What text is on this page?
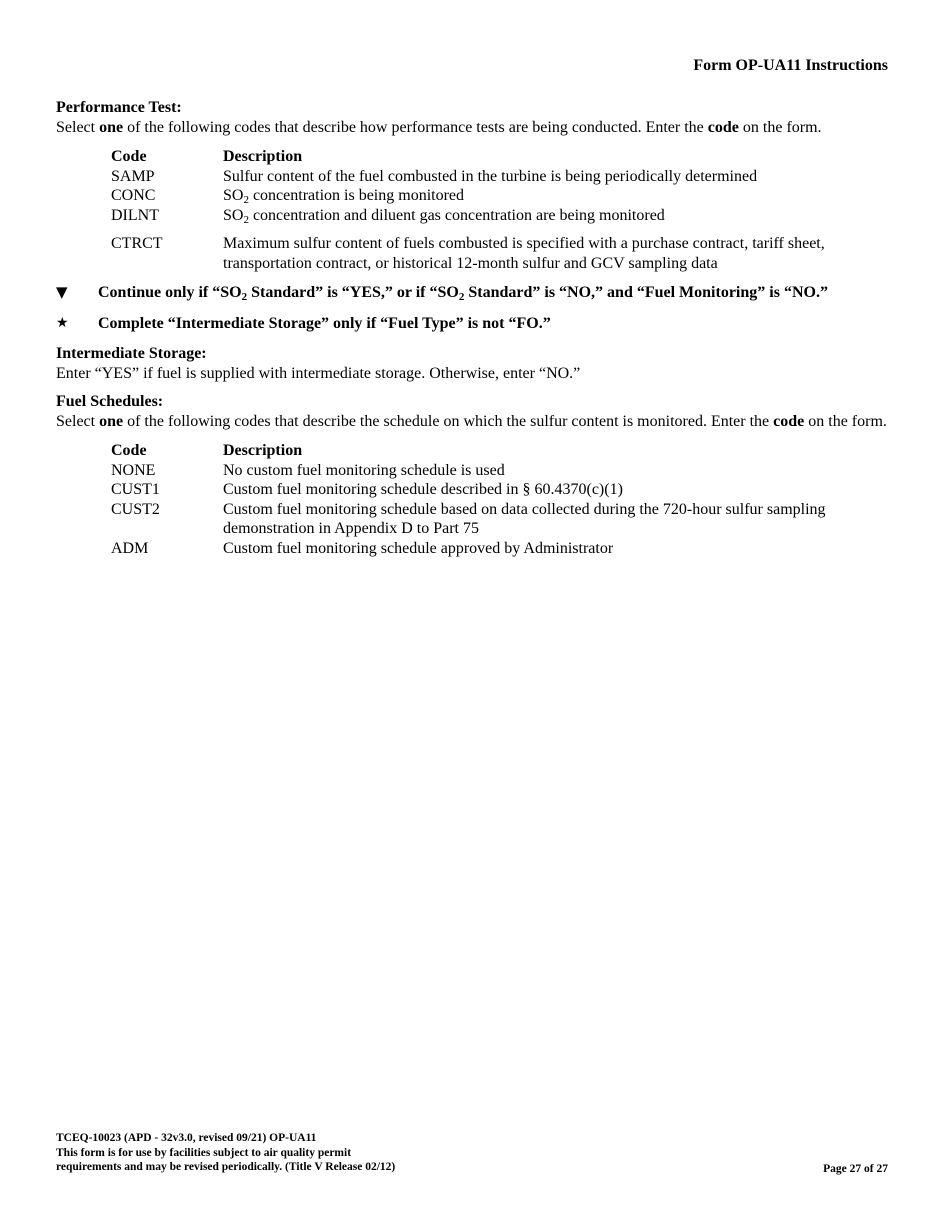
Form OP-UA11 Instructions
Performance Test:

Select one of the following codes that describe how performance tests are being conducted. Enter the code on the form.

Code	Description
SAMP	Sulfur content of the fuel combusted in the turbine is being periodically determined
CONC	$SO_2$ concentration is being monitored
DILNT	$SO_2$ concentration and diluent gas concentration are being monitored
CTRCT	Maximum sulfur content of fuels combusted is specified with a purchase contract, tariff sheet, transportation contract, or historical 12-month sulfur and GCV sampling data
▼	Continue only if “$SO_2$ Standard” is “YES,” or if “$SO_2$ Standard” is “NO,” and “Fuel Monitoring” is “NO.”
★	Complete “Intermediate Storage” only if “Fuel Type” is not “FO.”
Intermediate Storage:

Enter “YES” if fuel is supplied with intermediate storage. Otherwise, enter “NO.”

Fuel Schedules:

Select one of the following codes that describe the schedule on which the sulfur content is monitored. Enter the code on the form.

Code	Description
NONE	No custom fuel monitoring schedule is used
CUST1	Custom fuel monitoring schedule described in § 60.4370(c)(1)
CUST2	Custom fuel monitoring schedule based on data collected during the 720-hour sulfur sampling demonstration in Appendix D to Part 75
ADM	Custom fuel monitoring schedule approved by Administrator
TCEQ-10023 (APD - 32v3.0, revised 09/21) OP-UA11
This form is for use by facilities subject to air quality permit
requirements and may be revised periodically. (Title V Release 02/12)	Page 27 of 27
